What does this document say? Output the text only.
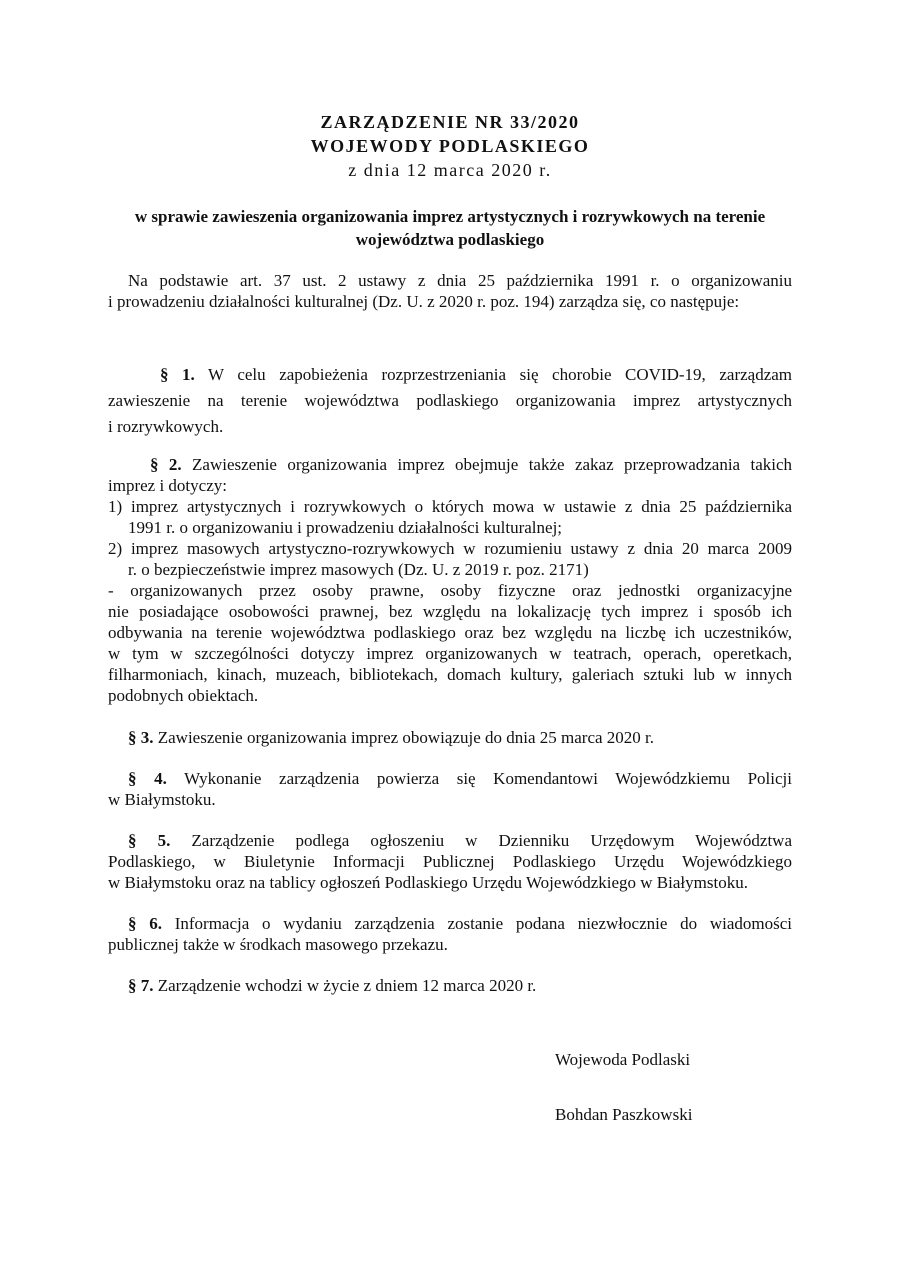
ZARZĄDZENIE NR 33/2020
WOJEWODY PODLASKIEGO
z dnia 12 marca 2020 r.
w sprawie zawieszenia organizowania imprez artystycznych i rozrywkowych na terenie
województwa podlaskiego
Na podstawie art. 37 ust. 2 ustawy z dnia 25 października 1991 r. o organizowaniu
i prowadzeniu działalności kulturalnej (Dz. U. z 2020 r. poz. 194) zarządza się, co następuje:
§ 1. W celu zapobieżenia rozprzestrzeniania się chorobie COVID-19, zarządzam
zawieszenie na terenie województwa podlaskiego organizowania imprez artystycznych
i rozrywkowych.
§ 2. Zawieszenie organizowania imprez obejmuje także zakaz przeprowadzania takich
imprez i dotyczy:
1) imprez artystycznych i rozrywkowych o których mowa w ustawie z dnia 25 października
1991 r. o organizowaniu i prowadzeniu działalności kulturalnej;
2) imprez masowych artystyczno-rozrywkowych w rozumieniu ustawy z dnia 20 marca 2009
r. o bezpieczeństwie imprez masowych (Dz. U. z 2019 r. poz. 2171)
- organizowanych przez osoby prawne, osoby fizyczne oraz jednostki organizacyjne
nie posiadające osobowości prawnej, bez względu na lokalizację tych imprez i sposób ich
odbywania na terenie województwa podlaskiego oraz bez względu na liczbę ich uczestników,
w tym w szczególności dotyczy imprez organizowanych w teatrach, operach, operetkach,
filharmoniach, kinach, muzeach, bibliotekach, domach kultury, galeriach sztuki lub w innych
podobnych obiektach.
§ 3. Zawieszenie organizowania imprez obowiązuje do dnia 25 marca 2020 r.
§ 4. Wykonanie zarządzenia powierza się Komendantowi Wojewódzkiemu Policji
w Białymstoku.
§ 5. Zarządzenie podlega ogłoszeniu w Dzienniku Urzędowym Województwa
Podlaskiego, w Biuletynie Informacji Publicznej Podlaskiego Urzędu Wojewódzkiego
w Białymstoku oraz na tablicy ogłoszeń Podlaskiego Urzędu Wojewódzkiego w Białymstoku.
§ 6. Informacja o wydaniu zarządzenia zostanie podana niezwłocznie do wiadomości
publicznej także w środkach masowego przekazu.
§ 7. Zarządzenie wchodzi w życie z dniem 12 marca 2020 r.
Wojewoda Podlaski
Bohdan Paszkowski
